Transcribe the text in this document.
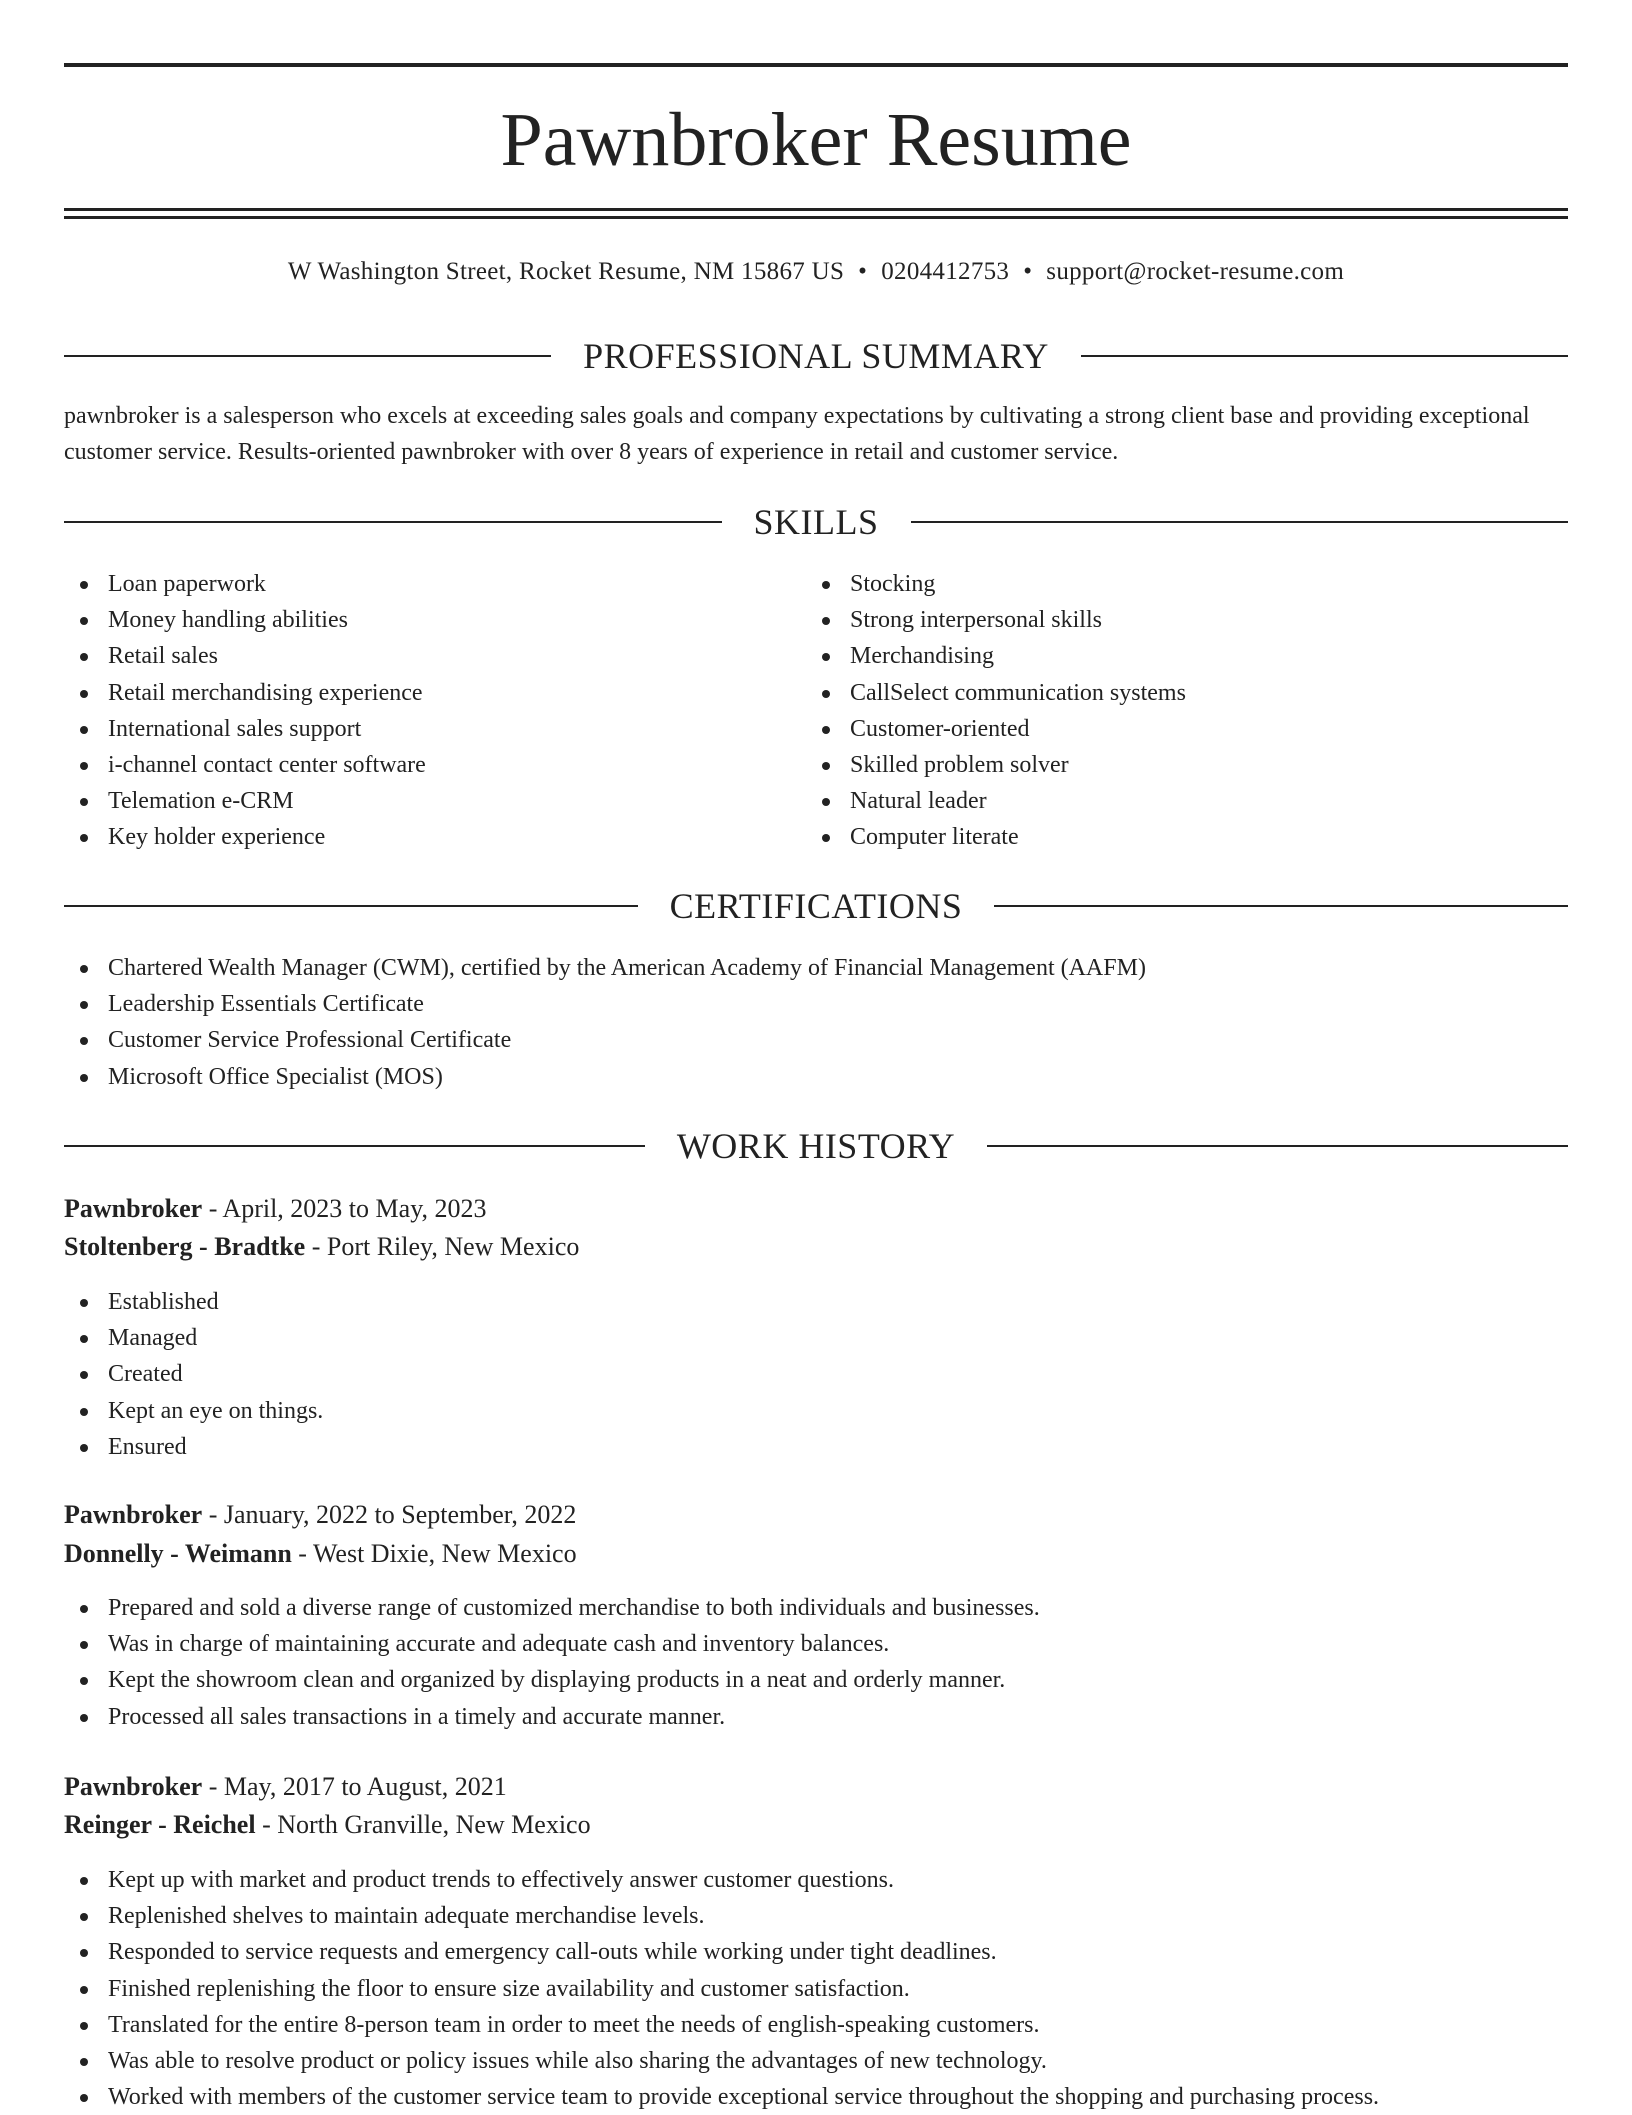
Pawnbroker Resume
W Washington Street, Rocket Resume, NM 15867 US • 0204412753 • support@rocket-resume.com
PROFESSIONAL SUMMARY

pawnbroker is a salesperson who excels at exceeding sales goals and company expectations by cultivating a strong client base and providing exceptional customer service. Results-oriented pawnbroker with over 8 years of experience in retail and customer service.

SKILLS
Loan paperwork
Money handling abilities
Retail sales
Retail merchandising experience
International sales support
i-channel contact center software
Telemation e-CRM
Key holder experience
Stocking
Strong interpersonal skills
Merchandising
CallSelect communication systems
Customer-oriented
Skilled problem solver
Natural leader
Computer literate
CERTIFICATIONS
Chartered Wealth Manager (CWM), certified by the American Academy of Financial Management (AAFM)
Leadership Essentials Certificate
Customer Service Professional Certificate
Microsoft Office Specialist (MOS)
WORK HISTORY
Pawnbroker - April, 2023 to May, 2023
Stoltenberg - Bradtke - Port Riley, New Mexico
Established
Managed
Created
Kept an eye on things.
Ensured
Pawnbroker - January, 2022 to September, 2022
Donnelly - Weimann - West Dixie, New Mexico
Prepared and sold a diverse range of customized merchandise to both individuals and businesses.
Was in charge of maintaining accurate and adequate cash and inventory balances.
Kept the showroom clean and organized by displaying products in a neat and orderly manner.
Processed all sales transactions in a timely and accurate manner.
Pawnbroker - May, 2017 to August, 2021
Reinger - Reichel - North Granville, New Mexico
Kept up with market and product trends to effectively answer customer questions.
Replenished shelves to maintain adequate merchandise levels.
Responded to service requests and emergency call-outs while working under tight deadlines.
Finished replenishing the floor to ensure size availability and customer satisfaction.
Translated for the entire 8-person team in order to meet the needs of english-speaking customers.
Was able to resolve product or policy issues while also sharing the advantages of new technology.
Worked with members of the customer service team to provide exceptional service throughout the shopping and purchasing process.
